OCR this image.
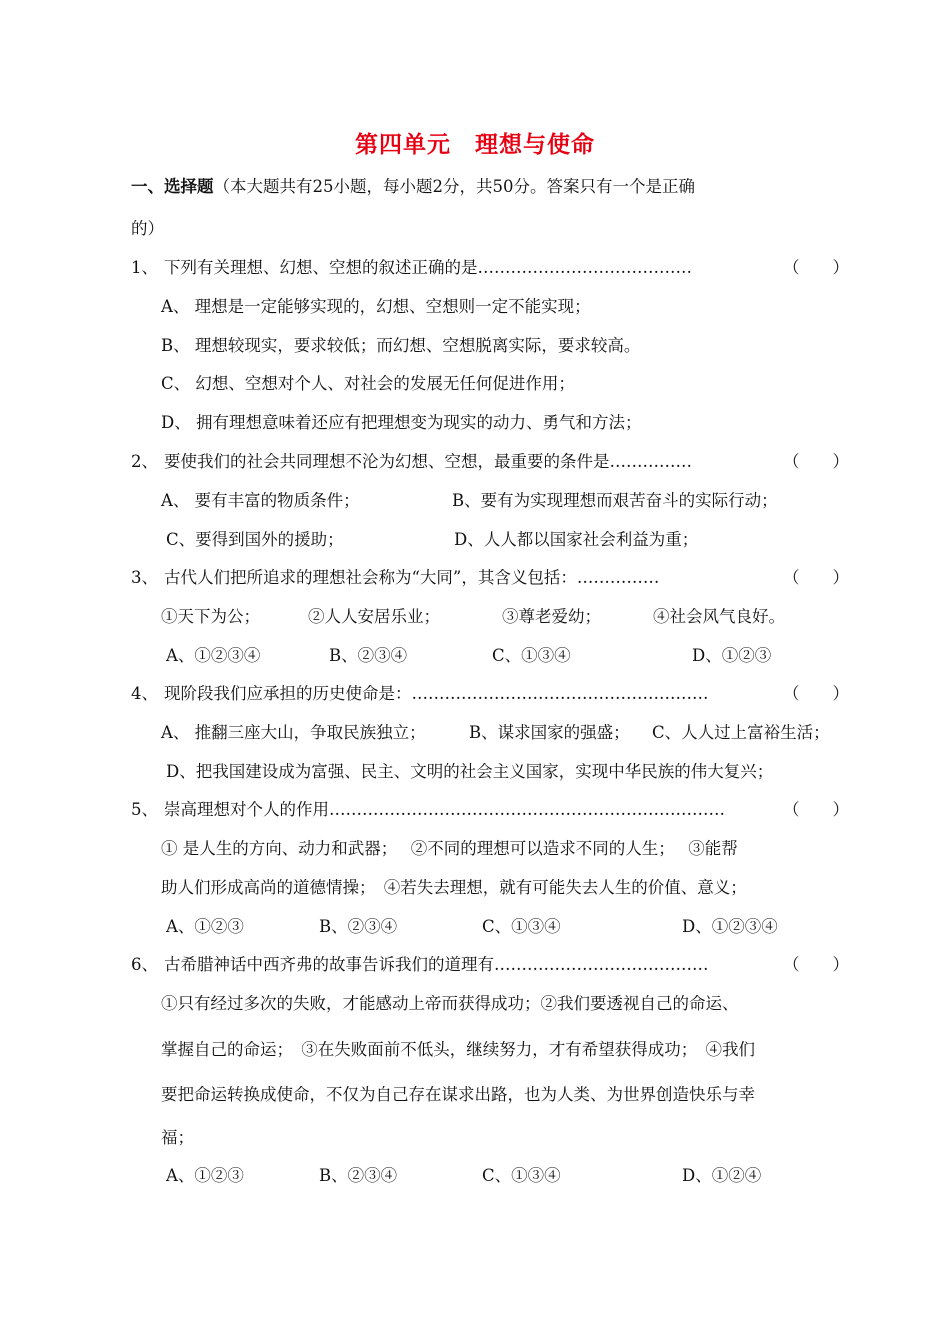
第四单元 理想与使命
一、选择题（本大题共有25小题，每小题2分，共50分。答案只有一个是正确
的）
1、 下列有关理想、幻想、空想的叙述正确的是…………………………………	（　　）
A、 理想是一定能够实现的，幻想、空想则一定不能实现；
B、 理想较现实，要求较低；而幻想、空想脱离实际，要求较高。
C、 幻想、空想对个人、对社会的发展无任何促进作用；
D、 拥有理想意味着还应有把理想变为现实的动力、勇气和方法；
2、 要使我们的社会共同理想不沦为幻想、空想，最重要的条件是……………	（　　）
A、 要有丰富的物质条件；	B、要有为实现理想而艰苦奋斗的实际行动；
C、要得到国外的援助；	D、人人都以国家社会利益为重；
3、 古代人们把所追求的理想社会称为“大同”，其含义包括：……………	（　　）
①天下为公；	②人人安居乐业；	③尊老爱幼；	④社会风气良好。
A、①②③④	B、②③④	C、①③④	D、①②③
4、 现阶段我们应承担的历史使命是：………………………………………………	（　　）
A、 推翻三座大山，争取民族独立；	B、谋求国家的强盛； C、人人过上富裕生活；
D、把我国建设成为富强、民主、文明的社会主义国家，实现中华民族的伟大复兴；
5、 崇高理想对个人的作用………………………………………………………………	（　　）
① 是人生的方向、动力和武器；　 ②不同的理想可以造求不同的人生；　 ③能帮
助人们形成高尚的道德情操；　④若失去理想，就有可能失去人生的价值、意义；
A、①②③	B、②③④	C、①③④	D、①②③④
6、 古希腊神话中西齐弗的故事告诉我们的道理有…………………………………	（　　）
①只有经过多次的失败，才能感动上帝而获得成功；②我们要透视自己的命运、
掌握自己的命运；　③在失败面前不低头，继续努力，才有希望获得成功；　④我们
要把命运转换成使命，不仅为自己存在谋求出路，也为人类、为世界创造快乐与幸
福；
A、①②③	B、②③④	C、①③④	D、①②④
